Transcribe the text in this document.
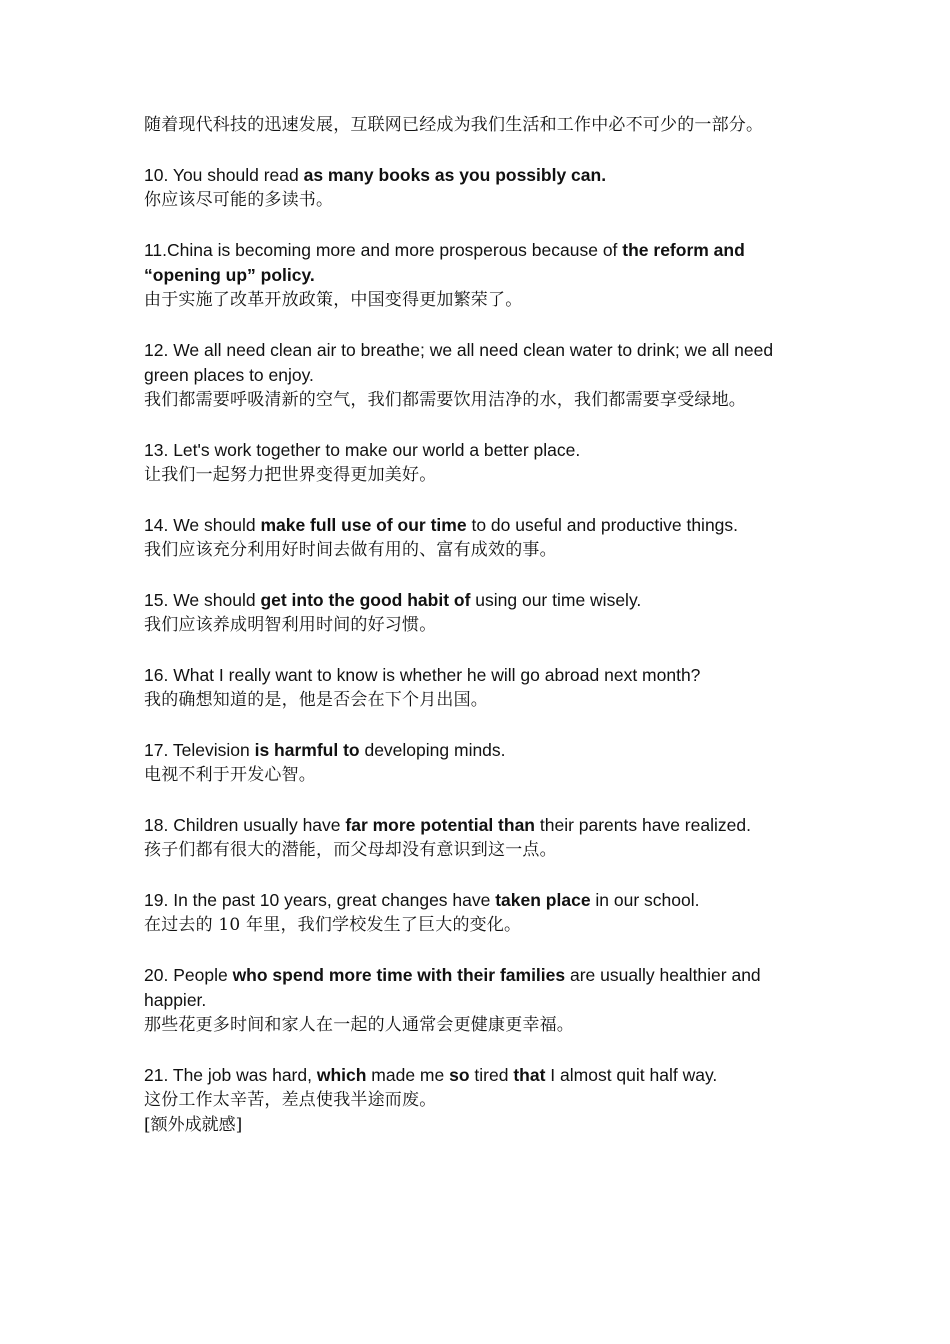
随着现代科技的迅速发展，互联网已经成为我们生活和工作中必不可少的一部分。

10. You should read as many books as you possibly can.

你应该尽可能的多读书。

11.China is becoming more and more prosperous because of the reform and “opening up” policy.

由于实施了改革开放政策，中国变得更加繁荣了。

12. We all need clean air to breathe; we all need clean water to drink; we all need green places to enjoy.

我们都需要呼吸清新的空气，我们都需要饮用洁净的水，我们都需要享受绿地。

13. Let's work together to make our world a better place.

让我们一起努力把世界变得更加美好。

14. We should make full use of our time to do useful and productive things.

我们应该充分利用好时间去做有用的、富有成效的事。

15. We should get into the good habit of using our time wisely.

我们应该养成明智利用时间的好习惯。

16. What I really want to know is whether he will go abroad next month?

我的确想知道的是，他是否会在下个月出国。

17. Television is harmful to developing minds.

电视不利于开发心智。

18. Children usually have far more potential than their parents have realized.

孩子们都有很大的潜能，而父母却没有意识到这一点。

19. In the past 10 years, great changes have taken place in our school.

在过去的 10 年里，我们学校发生了巨大的变化。

20. People who spend more time with their families are usually healthier and happier.

那些花更多时间和家人在一起的人通常会更健康更幸福。

21. The job was hard, which made me so tired that I almost quit half way.

这份工作太辛苦，差点使我半途而废。

[额外成就感]
